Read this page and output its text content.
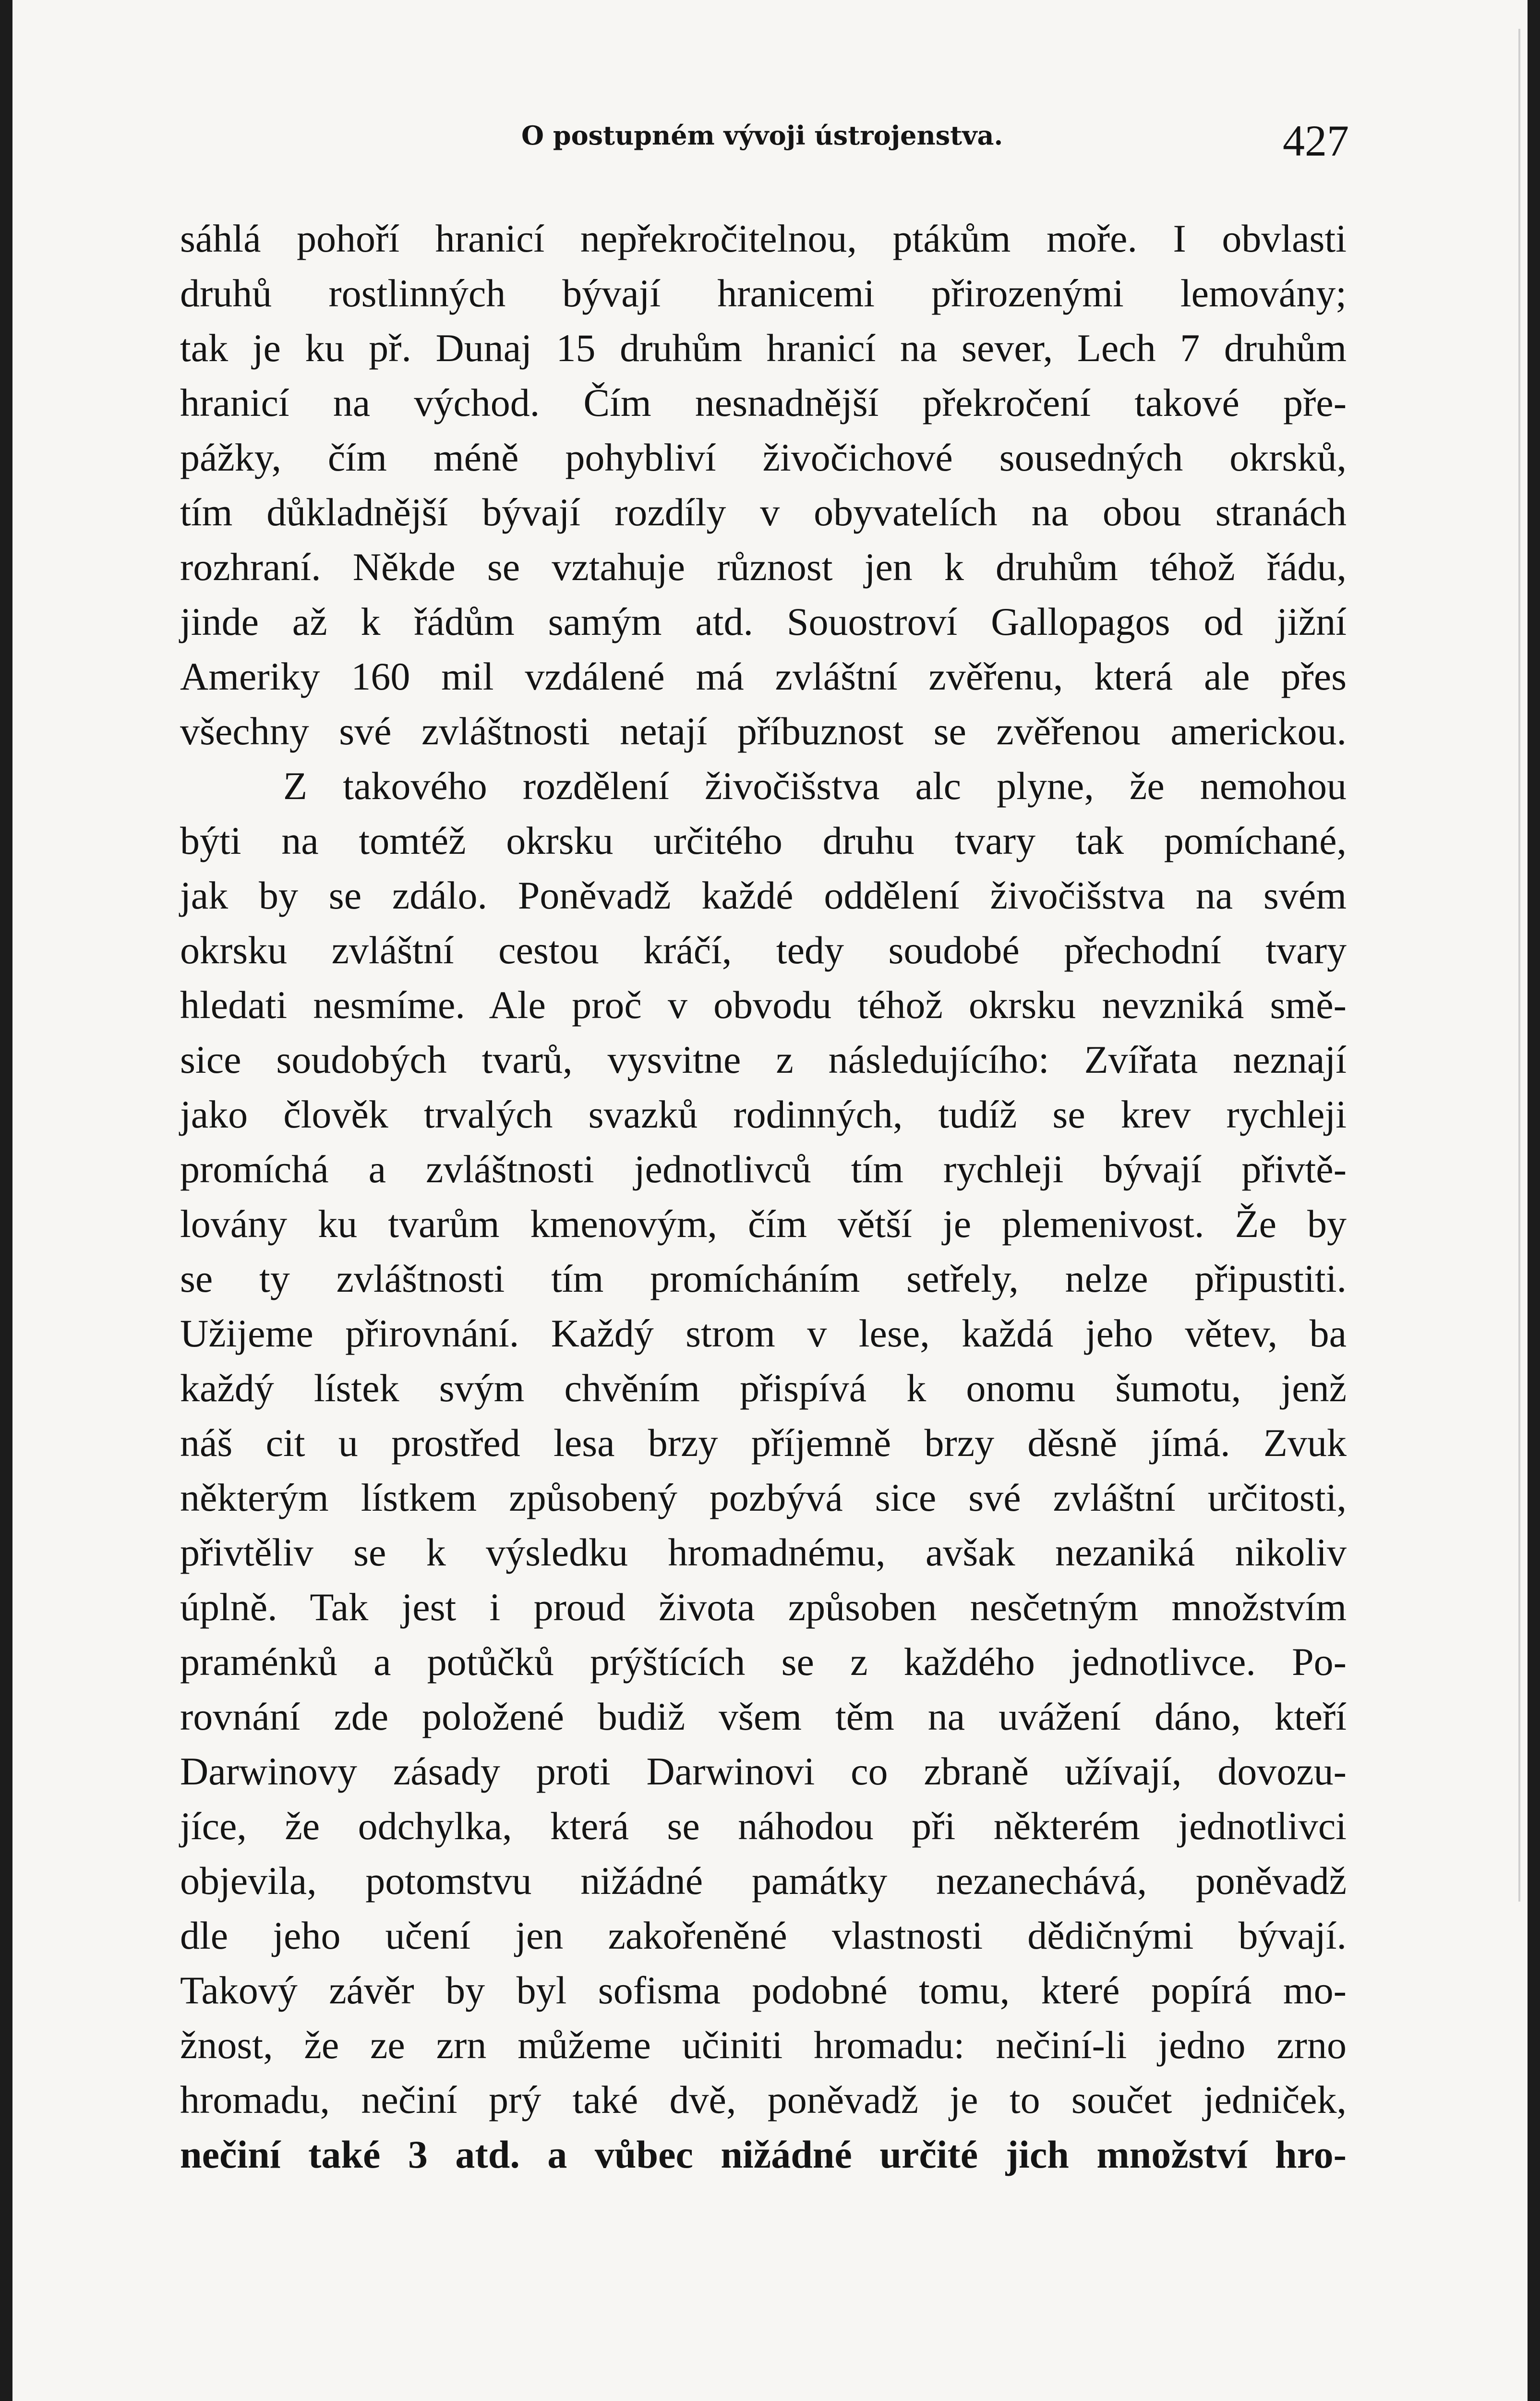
O postupném vývoji ústrojenstva.	427
sáhlá pohoří hranicí nepřekročitelnou, ptákům moře. I obvlasti
druhů rostlinných bývají hranicemi přirozenými lemovány;
tak je ku př. Dunaj 15 druhům hranicí na sever, Lech 7 druhům
hranicí na východ. Čím nesnadnější překročení takové pře-
pážky, čím méně pohybliví živočichové sousedných okrsků,
tím důkladnější bývají rozdíly v obyvatelích na obou stranách
rozhraní. Někde se vztahuje různost jen k druhům téhož řádu,
jinde až k řádům samým atd. Souostroví Gallopagos od jižní
Ameriky 160 mil vzdálené má zvláštní zvěřenu, která ale přes
všechny své zvláštnosti netají příbuznost se zvěřenou americkou.
Z takového rozdělení živočišstva alc plyne, že nemohou
býti na tomtéž okrsku určitého druhu tvary tak pomíchané,
jak by se zdálo. Poněvadž každé oddělení živočišstva na svém
okrsku zvláštní cestou kráčí, tedy soudobé přechodní tvary
hledati nesmíme. Ale proč v obvodu téhož okrsku nevzniká smě-
sice soudobých tvarů, vysvitne z následujícího: Zvířata neznají
jako člověk trvalých svazků rodinných, tudíž se krev rychleji
promíchá a zvláštnosti jednotlivců tím rychleji bývají přivtě-
lovány ku tvarům kmenovým, čím větší je plemenivost. Že by
se ty zvláštnosti tím promícháním setřely, nelze připustiti.
Užijeme přirovnání. Každý strom v lese, každá jeho větev, ba
každý lístek svým chvěním přispívá k onomu šumotu, jenž
náš cit u prostřed lesa brzy příjemně brzy děsně jímá. Zvuk
některým lístkem způsobený pozbývá sice své zvláštní určitosti,
přivtěliv se k výsledku hromadnému, avšak nezaniká nikoliv
úplně. Tak jest i proud života způsoben nesčetným množstvím
praménků a potůčků prýštících se z každého jednotlivce. Po-
rovnání zde položené budiž všem těm na uvážení dáno, kteří
Darwinovy zásady proti Darwinovi co zbraně užívají, dovozu-
jíce, že odchylka, která se náhodou při některém jednotlivci
objevila, potomstvu nižádné památky nezanechává, poněvadž
dle jeho učení jen zakořeněné vlastnosti dědičnými bývají.
Takový závěr by byl sofisma podobné tomu, které popírá mo-
žnost, že ze zrn můžeme učiniti hromadu: nečiní-li jedno zrno
hromadu, nečiní prý také dvě, poněvadž je to součet jedniček,
nečiní také 3 atd. a vůbec nižádné určité jich množství hro-
